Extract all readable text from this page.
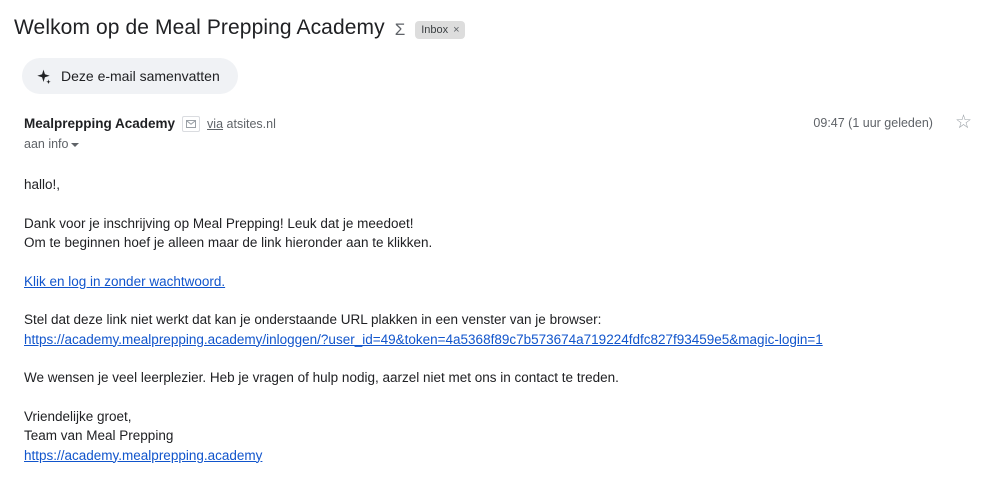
Welkom op de Meal Prepping Academy Σ Inbox ×
Deze e-mail samenvatten
Mealprepping Academy	via atsites.nl
aan info
09:47 (1 uur geleden) ☆

hallo!,

Dank voor je inschrijving op Meal Prepping! Leuk dat je meedoet!

Om te beginnen hoef je alleen maar de link hieronder aan te klikken.

Klik en log in zonder wachtwoord.

Stel dat deze link niet werkt dat kan je onderstaande URL plakken in een venster van je browser:

https://academy.mealprepping.academy/inloggen/?user_id=49&token=4a5368f89c7b573674a719224fdfc827f93459e5&magic-login=1

We wensen je veel leerplezier. Heb je vragen of hulp nodig, aarzel niet met ons in contact te treden.

Vriendelijke groet,

Team van Meal Prepping

https://academy.mealprepping.academy
